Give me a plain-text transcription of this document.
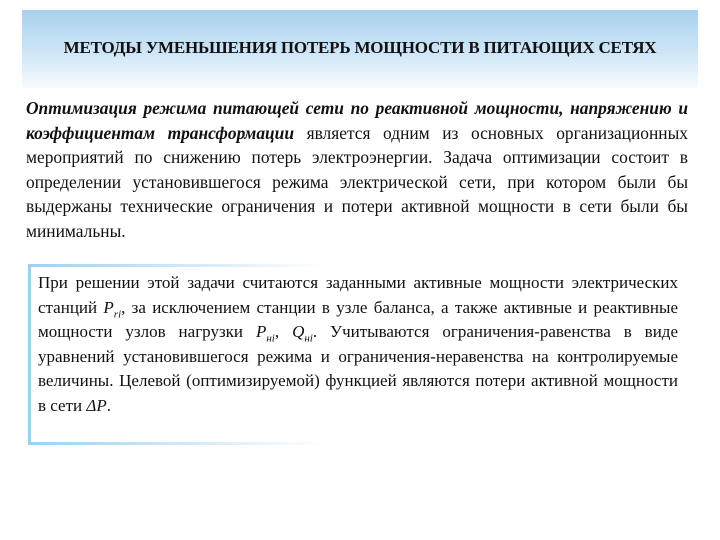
МЕТОДЫ УМЕНЬШЕНИЯ ПОТЕРЬ МОЩНОСТИ В ПИТАЮЩИХ СЕТЯХ

Оптимизация режима питающей сети по реактивной мощности, напряжению и коэффициентам трансформации является одним из основных организационных мероприятий по снижению потерь электроэнергии. Задача оптимизации состоит в определении установившегося режима электрической сети, при котором были бы выдержаны технические ограничения и потери активной мощности в сети были бы минимальны.

При решении этой задачи считаются заданными активные мощности электрических станций $P_{ri}$, за исключением станции в узле баланса, а также активные и реактивные мощности узлов нагрузки $P_{нi}$, $Q_{нi}$. Учитываются ограничения-равенства в виде уравнений установившегося режима и ограничения-неравенства на контролируемые величины. Целевой (оптимизируемой) функцией являются потери активной мощности в сети ΔP.
